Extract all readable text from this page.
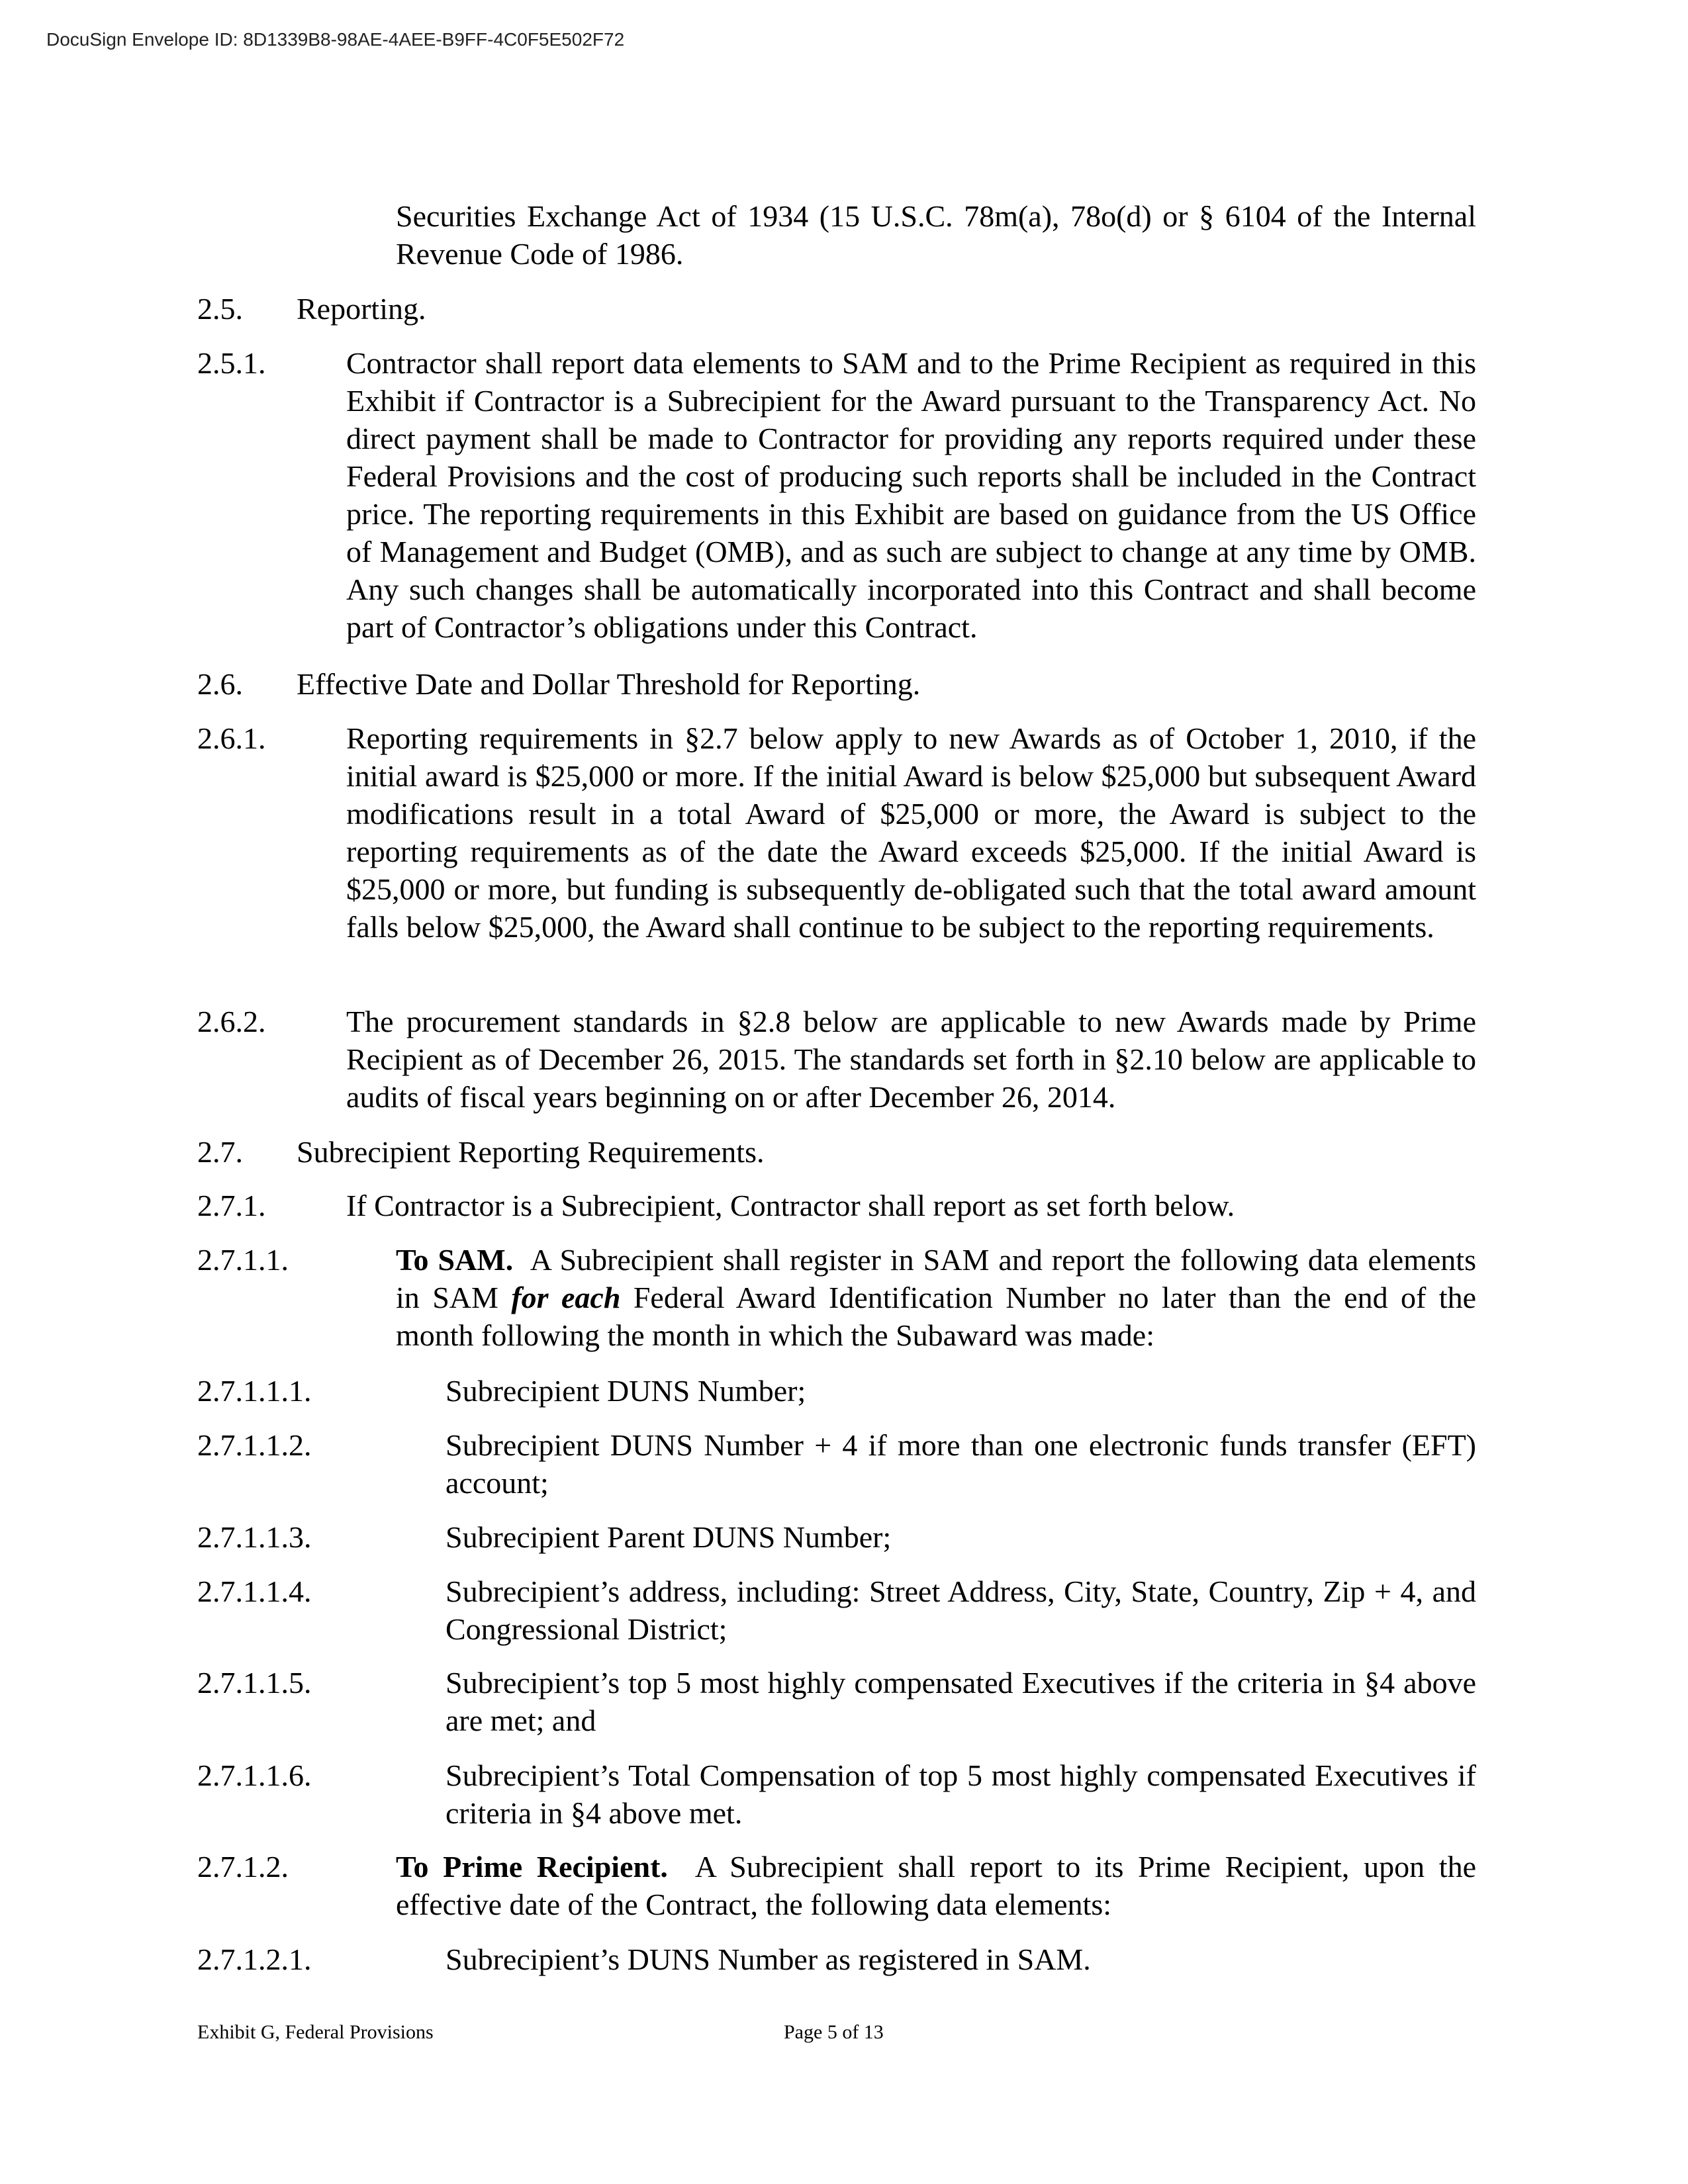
DocuSign Envelope ID: 8D1339B8-98AE-4AEE-B9FF-4C0F5E502F72
Securities Exchange Act of 1934 (15 U.S.C. 78m(a), 78o(d) or § 6104 of the Internal Revenue Code of 1986.
2.5. Reporting.
2.5.1.	Contractor shall report data elements to SAM and to the Prime Recipient as required in this Exhibit if Contractor is a Subrecipient for the Award pursuant to the Transparency Act. No direct payment shall be made to Contractor for providing any reports required under these Federal Provisions and the cost of producing such reports shall be included in the Contract price. The reporting requirements in this Exhibit are based on guidance from the US Office of Management and Budget (OMB), and as such are subject to change at any time by OMB. Any such changes shall be automatically incorporated into this Contract and shall become part of Contractor’s obligations under this Contract.
2.6. Effective Date and Dollar Threshold for Reporting.
2.6.1.	Reporting requirements in §2.7 below apply to new Awards as of October 1, 2010, if the initial award is $25,000 or more. If the initial Award is below $25,000 but subsequent Award modifications result in a total Award of $25,000 or more, the Award is subject to the reporting requirements as of the date the Award exceeds $25,000. If the initial Award is $25,000 or more, but funding is subsequently de-obligated such that the total award amount falls below $25,000, the Award shall continue to be subject to the reporting requirements.
2.6.2.	The procurement standards in §2.8 below are applicable to new Awards made by Prime Recipient as of December 26, 2015. The standards set forth in §2.10 below are applicable to audits of fiscal years beginning on or after December 26, 2014.
2.7. Subrecipient Reporting Requirements.
2.7.1.	If Contractor is a Subrecipient, Contractor shall report as set forth below.
2.7.1.1.	To SAM.  A Subrecipient shall register in SAM and report the following data elements in SAM for each Federal Award Identification Number no later than the end of the month following the month in which the Subaward was made:
2.7.1.1.1.	Subrecipient DUNS Number;
2.7.1.1.2.	Subrecipient DUNS Number + 4 if more than one electronic funds transfer (EFT) account;
2.7.1.1.3.	Subrecipient Parent DUNS Number;
2.7.1.1.4.	Subrecipient’s address, including: Street Address, City, State, Country, Zip + 4, and Congressional District;
2.7.1.1.5.	Subrecipient’s top 5 most highly compensated Executives if the criteria in §4 above are met; and
2.7.1.1.6.	Subrecipient’s Total Compensation of top 5 most highly compensated Executives if criteria in §4 above met.
2.7.1.2.	To Prime Recipient.  A Subrecipient shall report to its Prime Recipient, upon the effective date of the Contract, the following data elements:
2.7.1.2.1.	Subrecipient’s DUNS Number as registered in SAM.
Exhibit G, Federal Provisions	Page 5 of 13
